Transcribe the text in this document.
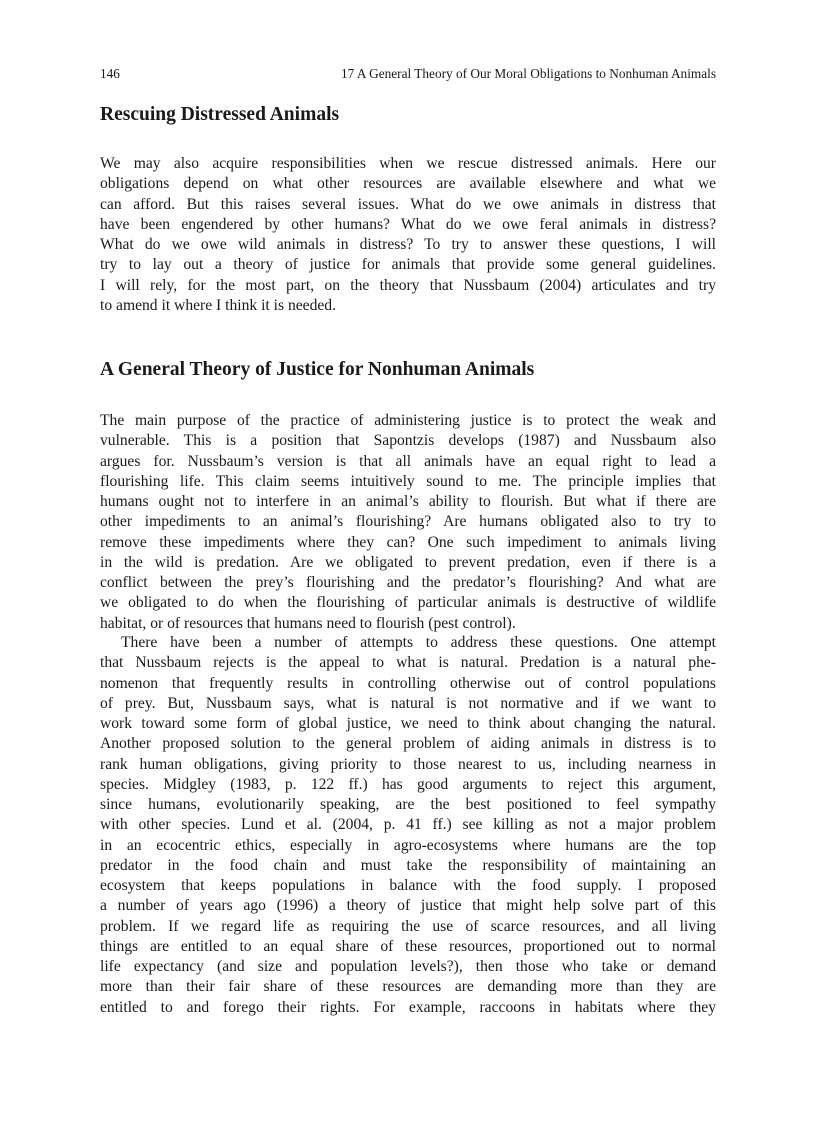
146	17 A General Theory of Our Moral Obligations to Nonhuman Animals
Rescuing Distressed Animals
We may also acquire responsibilities when we rescue distressed animals. Here our
obligations depend on what other resources are available elsewhere and what we
can afford. But this raises several issues. What do we owe animals in distress that
have been engendered by other humans? What do we owe feral animals in distress?
What do we owe wild animals in distress? To try to answer these questions, I will
try to lay out a theory of justice for animals that provide some general guidelines.
I will rely, for the most part, on the theory that Nussbaum (2004) articulates and try
to amend it where I think it is needed.
A General Theory of Justice for Nonhuman Animals
The main purpose of the practice of administering justice is to protect the weak and
vulnerable. This is a position that Sapontzis develops (1987) and Nussbaum also
argues for. Nussbaum’s version is that all animals have an equal right to lead a
flourishing life. This claim seems intuitively sound to me. The principle implies that
humans ought not to interfere in an animal’s ability to flourish. But what if there are
other impediments to an animal’s flourishing? Are humans obligated also to try to
remove these impediments where they can? One such impediment to animals living
in the wild is predation. Are we obligated to prevent predation, even if there is a
conflict between the prey’s flourishing and the predator’s flourishing? And what are
we obligated to do when the flourishing of particular animals is destructive of wildlife
habitat, or of resources that humans need to flourish (pest control).
There have been a number of attempts to address these questions. One attempt
that Nussbaum rejects is the appeal to what is natural. Predation is a natural phe-
nomenon that frequently results in controlling otherwise out of control populations
of prey. But, Nussbaum says, what is natural is not normative and if we want to
work toward some form of global justice, we need to think about changing the natural.
Another proposed solution to the general problem of aiding animals in distress is to
rank human obligations, giving priority to those nearest to us, including nearness in
species. Midgley (1983, p. 122 ff.) has good arguments to reject this argument,
since humans, evolutionarily speaking, are the best positioned to feel sympathy
with other species. Lund et al. (2004, p. 41 ff.) see killing as not a major problem
in an ecocentric ethics, especially in agro-ecosystems where humans are the top
predator in the food chain and must take the responsibility of maintaining an
ecosystem that keeps populations in balance with the food supply. I proposed
a number of years ago (1996) a theory of justice that might help solve part of this
problem. If we regard life as requiring the use of scarce resources, and all living
things are entitled to an equal share of these resources, proportioned out to normal
life expectancy (and size and population levels?), then those who take or demand
more than their fair share of these resources are demanding more than they are
entitled to and forego their rights. For example, raccoons in habitats where they
